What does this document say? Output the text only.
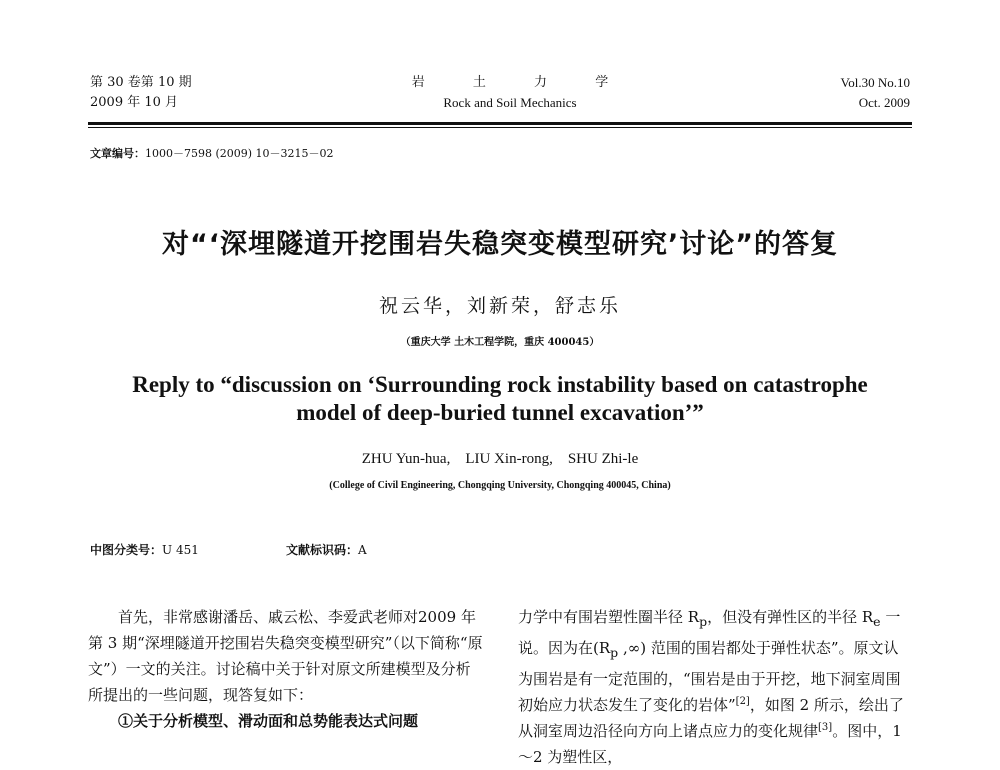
第 30 卷第 10 期
2009 年 10 月
岩 土 力 学
Rock and Soil Mechanics
Vol.30 No.10
Oct. 2009
文章编号：1000－7598 (2009) 10－3215－02
对“‘深埋隧道开挖围岩失稳突变模型研究’讨论”的答复
祝云华，刘新荣，舒志乐
（重庆大学 土木工程学院，重庆 400045）
Reply to “discussion on ‘Surrounding rock instability based on catastrophe
model of deep-buried tunnel excavation’”
ZHU Yun-hua,    LIU Xin-rong,    SHU Zhi-le
(College of Civil Engineering, Chongqing University, Chongqing 400045, China)
中图分类号：U 451	文献标识码：A
首先，非常感谢潘岳、戚云松、李爱武老师对2009 年第 3 期“深埋隧道开挖围岩失稳突变模型研究”（以下简称“原文”）一文的关注。讨论稿中关于针对原文所建模型及分析所提出的一些问题，现答复如下：
①关于分析模型、滑动面和总势能表达式问题
力学中有围岩塑性圈半径 $R_p$，但没有弹性区的半径 $R_e$ 一说。因为在($R_p$ ,∞) 范围的围岩都处于弹性状态”。原文认为围岩是有一定范围的，“围岩是由于开挖，地下洞室周围初始应力状态发生了变化的岩体”[2]，如图 2 所示，绘出了从洞室周边沿径向方向上诸点应力的变化规律[3]。图中，1～2 为塑性区，
